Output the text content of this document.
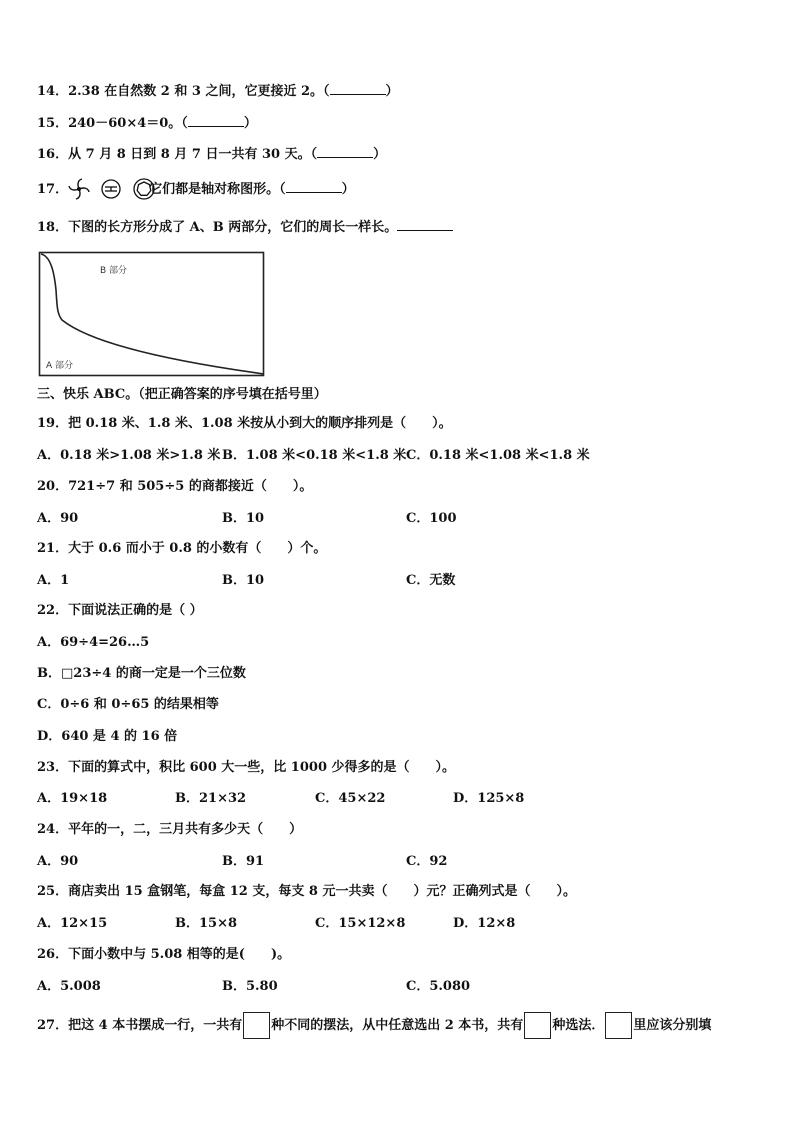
14．2.38 在自然数 2 和 3 之间，它更接近 2。（	）
15．240－60×4＝0。（	）
16．从 7 月 8 日到 8 月 7 日一共有 30 天。（	）
17．	它们都是轴对称图形。（	）
18．下图的长方形分成了 A、B 两部分，它们的周长一样长。
B 部分
A 部分
三、快乐 ABC。（把正确答案的序号填在括号里）
19．把 0.18 米、1.8 米、1.08 米按从小到大的顺序排列是（　　）。
A．0.18 米>1.08 米>1.8 米 B．1.08 米<0.18 米<1.8 米 C．0.18 米<1.08 米<1.8 米
20．721÷7 和 505÷5 的商都接近（　　）。
A．90	B．10	C．100
21．大于 0.6 而小于 0.8 的小数有（　　）个。
A．1	B．10	C．无数
22．下面说法正确的是（ ）
A．69÷4=26…5
B．□23÷4 的商一定是一个三位数
C．0÷6 和 0÷65 的结果相等
D．640 是 4 的 16 倍
23．下面的算式中，积比 600 大一些，比 1000 少得多的是（　　）。
A．19×18	B．21×32	C．45×22	D．125×8
24．平年的一，二，三月共有多少天（　　）
A．90	B．91	C．92
25．商店卖出 15 盒钢笔，每盒 12 支，每支 8 元一共卖（　　）元？正确列式是（　　）。
A．12×15	B．15×8	C．15×12×8	D．12×8
26．下面小数中与 5.08 相等的是(　　)。
A．5.008	B．5.80	C．5.080
27．把这 4 本书摆成一行，一共有 种不同的摆法，从中任意选出 2 本书，共有 种选法． 里应该分别填
